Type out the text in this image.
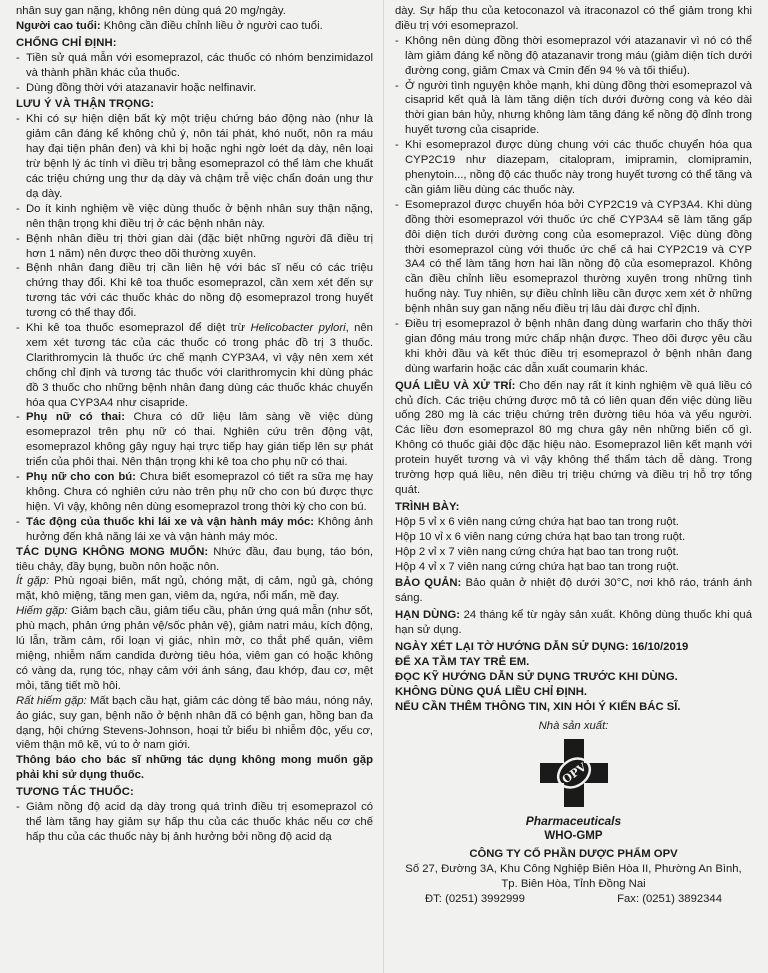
nhân suy gan nặng, không nên dùng quá 20 mg/ngày.

Người cao tuổi: Không cần điều chỉnh liều ở người cao tuổi.

CHỐNG CHỈ ĐỊNH:

- Tiền sử quá mẫn với esomeprazol, các thuốc có nhóm benzimidazol và thành phần khác của thuốc.
- Dùng đồng thời với atazanavir hoặc nelfinavir.

LƯU Ý VÀ THẬN TRỌNG:

- Khi có sự hiện diện bất kỳ một triệu chứng báo động nào (như là giảm cân đáng kể không chủ ý, nôn tái phát, khó nuốt, nôn ra máu hay đại tiện phân đen) và khi bị hoặc nghi ngờ loét dạ dày, nên loại trừ bệnh lý ác tính vì điều trị bằng esomeprazol có thể làm che khuất các triệu chứng ung thư dạ dày và chậm trễ việc chẩn đoán ung thư dạ dày.
- Do ít kinh nghiệm về việc dùng thuốc ở bệnh nhân suy thận nặng, nên thận trọng khi điều trị ở các bệnh nhân này.
- Bệnh nhân điều trị thời gian dài (đặc biệt những người đã điều trị hơn 1 năm) nên được theo dõi thường xuyên.
- Bệnh nhân đang điều trị cần liên hệ với bác sĩ nếu có các triệu chứng thay đổi. Khi kê toa thuốc esomeprazol, cần xem xét đến sự tương tác với các thuốc khác do nồng độ esomeprazol trong huyết tương có thể thay đổi.
- Khi kê toa thuốc esomeprazol để diệt trừ Helicobacter pylori, nên xem xét tương tác của các thuốc có trong phác đồ trị 3 thuốc. Clarithromycin là thuốc ức chế mạnh CYP3A4, vì vậy nên xem xét chống chỉ định và tương tác thuốc với clarithromycin khi dùng phác đồ 3 thuốc cho những bệnh nhân đang dùng các thuốc khác chuyển hóa qua CYP3A4 như cisapride.
- Phụ nữ có thai: Chưa có dữ liệu lâm sàng về việc dùng esomeprazol trên phụ nữ có thai. Nghiên cứu trên động vật, esomeprazol không gây nguy hại trực tiếp hay gián tiếp lên sự phát triển của phôi thai. Nên thận trọng khi kê toa cho phụ nữ có thai.
- Phụ nữ cho con bú: Chưa biết esomeprazol có tiết ra sữa mẹ hay không. Chưa có nghiên cứu nào trên phụ nữ cho con bú được thực hiện. Vì vậy, không nên dùng esomeprazol trong thời kỳ cho con bú.
- Tác động của thuốc khi lái xe và vận hành máy móc: Không ảnh hưởng đến khả năng lái xe và vận hành máy móc.

TÁC DỤNG KHÔNG MONG MUỐN: Nhức đầu, đau bụng, táo bón, tiêu chảy, đầy bụng, buồn nôn hoặc nôn.

Ít gặp: Phù ngoại biên, mất ngủ, chóng mặt, dị cảm, ngủ gà, chóng mặt, khô miệng, tăng men gan, viêm da, ngứa, nổi mẩn, mề đay.

Hiếm gặp: Giảm bạch cầu, giảm tiểu cầu, phản ứng quá mẫn (như sốt, phù mạch, phản ứng phản vệ/sốc phản vệ), giảm natri máu, kích động, lú lẫn, trầm cảm, rối loạn vị giác, nhìn mờ, co thắt phế quản, viêm miệng, nhiễm nấm candida đường tiêu hóa, viêm gan có hoặc không có vàng da, rụng tóc, nhạy cảm với ánh sáng, đau khớp, đau cơ, mệt mỏi, tăng tiết mồ hôi.

Rất hiếm gặp: Mất bạch cầu hạt, giảm các dòng tế bào máu, nóng nảy, ảo giác, suy gan, bệnh não ở bệnh nhân đã có bệnh gan, hồng ban đa dạng, hội chứng Stevens-Johnson, hoại tử biểu bì nhiễm độc, yếu cơ, viêm thận mô kẽ, vú to ở nam giới.

Thông báo cho bác sĩ những tác dụng không mong muốn gặp phải khi sử dụng thuốc.

TƯƠNG TÁC THUỐC:

- Giảm nồng độ acid dạ dày trong quá trình điều trị esomeprazol có thể làm tăng hay giảm sự hấp thu của các thuốc khác nếu cơ chế hấp thu của các thuốc này bị ảnh hưởng bởi nồng độ acid dạ

dày. Sự hấp thu của ketoconazol và itraconazol có thể giảm trong khi điều trị với esomeprazol.

- Không nên dùng đồng thời esomeprazol với atazanavir vì nó có thể làm giảm đáng kể nồng độ atazanavir trong máu (giảm diện tích dưới đường cong, giảm Cmax và Cmin đến 94 % và tối thiểu).
- Ở người tình nguyện khỏe mạnh, khi dùng đồng thời esomeprazol và cisaprid kết quả là làm tăng diện tích dưới đường cong và kéo dài thời gian bán hủy, nhưng không làm tăng đáng kể nồng độ đỉnh trong huyết tương của cisapride.
- Khi esomeprazol được dùng chung với các thuốc chuyển hóa qua CYP2C19 như diazepam, citalopram, imipramin, clomipramin, phenytoin..., nồng độ các thuốc này trong huyết tương có thể tăng và cần giảm liều dùng các thuốc này.
- Esomeprazol được chuyển hóa bởi CYP2C19 và CYP3A4. Khi dùng đồng thời esomeprazol với thuốc ức chế CYP3A4 sẽ làm tăng gấp đôi diện tích dưới đường cong của esomeprazol. Việc dùng đồng thời esomeprazol cùng với thuốc ức chế cả hai CYP2C19 và CYP 3A4 có thể làm tăng hơn hai lần nồng độ của esomeprazol. Không cần điều chỉnh liều esomeprazol thường xuyên trong những tình huống này. Tuy nhiên, sự điều chỉnh liều cần được xem xét ở những bệnh nhân suy gan nặng nếu điều trị lâu dài được chỉ định.
- Điều trị esomeprazol ở bệnh nhân đang dùng warfarin cho thấy thời gian đông máu trong mức chấp nhận được. Theo dõi được yêu cầu khi khởi đầu và kết thúc điều trị esomeprazol ở bệnh nhân đang dùng warfarin hoặc các dẫn xuất coumarin khác.

QUÁ LIỀU VÀ XỬ TRÍ: Cho đến nay rất ít kinh nghiệm về quá liều có chủ đích. Các triệu chứng được mô tả có liên quan đến việc dùng liều uống 280 mg là các triệu chứng trên đường tiêu hóa và yếu người. Các liều đơn esomeprazol 80 mg chưa gây nên những biến cố gì. Không có thuốc giải độc đặc hiệu nào. Esomeprazol liên kết mạnh với protein huyết tương và vì vậy không thể thẩm tách dễ dàng. Trong trường hợp quá liều, nên điều trị triệu chứng và điều trị hỗ trợ tổng quát.

TRÌNH BÀY:

Hộp 5 vỉ x 6 viên nang cứng chứa hạt bao tan trong ruột.

Hộp 10 vỉ x 6 viên nang cứng chứa hạt bao tan trong ruột.

Hộp 2 vỉ x 7 viên nang cứng chứa hạt bao tan trong ruột.

Hộp 4 vỉ x 7 viên nang cứng chứa hạt bao tan trong ruột.

BẢO QUẢN: Bảo quản ở nhiệt độ dưới 30°C, nơi khô ráo, tránh ánh sáng.

HẠN DÙNG: 24 tháng kể từ ngày sản xuất. Không dùng thuốc khi quá hạn sử dụng.

NGÀY XÉT LẠI TỜ HƯỚNG DẪN SỬ DỤNG: 16/10/2019

ĐỂ XA TẦM TAY TRẺ EM.

ĐỌC KỸ HƯỚNG DẪN SỬ DỤNG TRƯỚC KHI DÙNG.

KHÔNG DÙNG QUÁ LIỀU CHỈ ĐỊNH.

NẾU CẦN THÊM THÔNG TIN, XIN HỎI Ý KIẾN BÁC SĨ.

Nhà sản xuất:

OPV

Pharmaceuticals

WHO-GMP

CÔNG TY CỔ PHẦN DƯỢC PHẨM OPV

Số 27, Đường 3A, Khu Công Nghiệp Biên Hòa II, Phường An Bình,

Tp. Biên Hòa, Tỉnh Đồng Nai

ĐT: (0251) 3992999	Fax: (0251) 3892344
